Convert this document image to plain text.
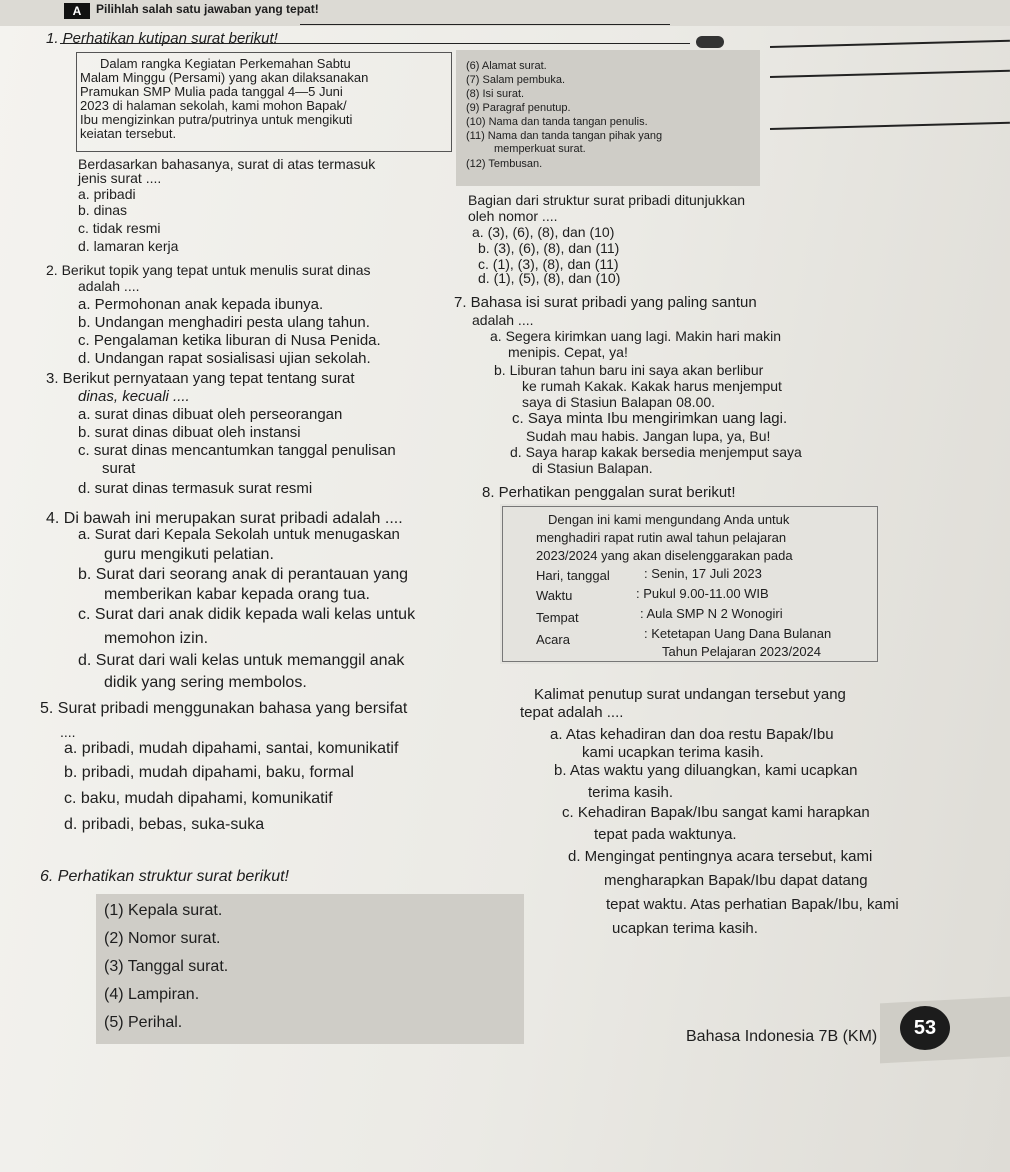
A	Pilihlah salah satu jawaban yang tepat!
1. Perhatikan kutipan surat berikut!
Dalam rangka Kegiatan Perkemahan Sabtu
Malam Minggu (Persami) yang akan dilaksanakan
Pramukan SMP Mulia pada tanggal 4—5 Juni
2023 di halaman sekolah, kami mohon Bapak/
Ibu mengizinkan putra/putrinya untuk mengikuti
keiatan tersebut.
Berdasarkan bahasanya, surat di atas termasuk
jenis surat ....
a. pribadi
b. dinas
c. tidak resmi
d. lamaran kerja
(6) Alamat surat.
(7) Salam pembuka.
(8) Isi surat.
(9) Paragraf penutup.
(10) Nama dan tanda tangan penulis.
(11) Nama dan tanda tangan pihak yang
memperkuat surat.
(12) Tembusan.
Bagian dari struktur surat pribadi ditunjukkan
oleh nomor ....
a. (3), (6), (8), dan (10)
b. (3), (6), (8), dan (11)
c. (1), (3), (8), dan (11)
d. (1), (5), (8), dan (10)
2. Berikut topik yang tepat untuk menulis surat dinas
adalah ....
a. Permohonan anak kepada ibunya.
b. Undangan menghadiri pesta ulang tahun.
c. Pengalaman ketika liburan di Nusa Penida.
d. Undangan rapat sosialisasi ujian sekolah.
7. Bahasa isi surat pribadi yang paling santun
adalah ....
a. Segera kirimkan uang lagi. Makin hari makin
menipis. Cepat, ya!
b. Liburan tahun baru ini saya akan berlibur
ke rumah Kakak. Kakak harus menjemput
saya di Stasiun Balapan 08.00.
c. Saya minta Ibu mengirimkan uang lagi.
Sudah mau habis. Jangan lupa, ya, Bu!
d. Saya harap kakak bersedia menjemput saya
di Stasiun Balapan.
3. Berikut pernyataan yang tepat tentang surat
dinas, kecuali ....
a. surat dinas dibuat oleh perseorangan
b. surat dinas dibuat oleh instansi
c. surat dinas mencantumkan tanggal penulisan
surat
d. surat dinas termasuk surat resmi	8. Perhatikan penggalan surat berikut!
Dengan ini kami mengundang Anda untuk
menghadiri rapat rutin awal tahun pelajaran
2023/2024 yang akan diselenggarakan pada
Hari, tanggal	: Senin, 17 Juli 2023
Waktu	: Pukul 9.00-11.00 WIB
Tempat	: Aula SMP N 2 Wonogiri
Acara	: Ketetapan Uang Dana Bulanan
Tahun Pelajaran 2023/2024
4. Di bawah ini merupakan surat pribadi adalah ....
a. Surat dari Kepala Sekolah untuk menugaskan
guru mengikuti pelatian.
b. Surat dari seorang anak di perantauan yang
memberikan kabar kepada orang tua.
c. Surat dari anak didik kepada wali kelas untuk
memohon izin.
d. Surat dari wali kelas untuk memanggil anak
didik yang sering membolos.
Kalimat penutup surat undangan tersebut yang
tepat adalah ....
5. Surat pribadi menggunakan bahasa yang bersifat
....
a. pribadi, mudah dipahami, santai, komunikatif
b. pribadi, mudah dipahami, baku, formal
c. baku, mudah dipahami, komunikatif
d. pribadi, bebas, suka-suka
a. Atas kehadiran dan doa restu Bapak/Ibu
kami ucapkan terima kasih.
b. Atas waktu yang diluangkan, kami ucapkan
terima kasih.
c. Kehadiran Bapak/Ibu sangat kami harapkan
tepat pada waktunya.
d. Mengingat pentingnya acara tersebut, kami
mengharapkan Bapak/Ibu dapat datang
tepat waktu. Atas perhatian Bapak/Ibu, kami
ucapkan terima kasih.
6. Perhatikan struktur surat berikut!
(1) Kepala surat.
(2) Nomor surat.
(3) Tanggal surat.
(4) Lampiran.
(5) Perihal.
Bahasa Indonesia 7B (KM)	53
